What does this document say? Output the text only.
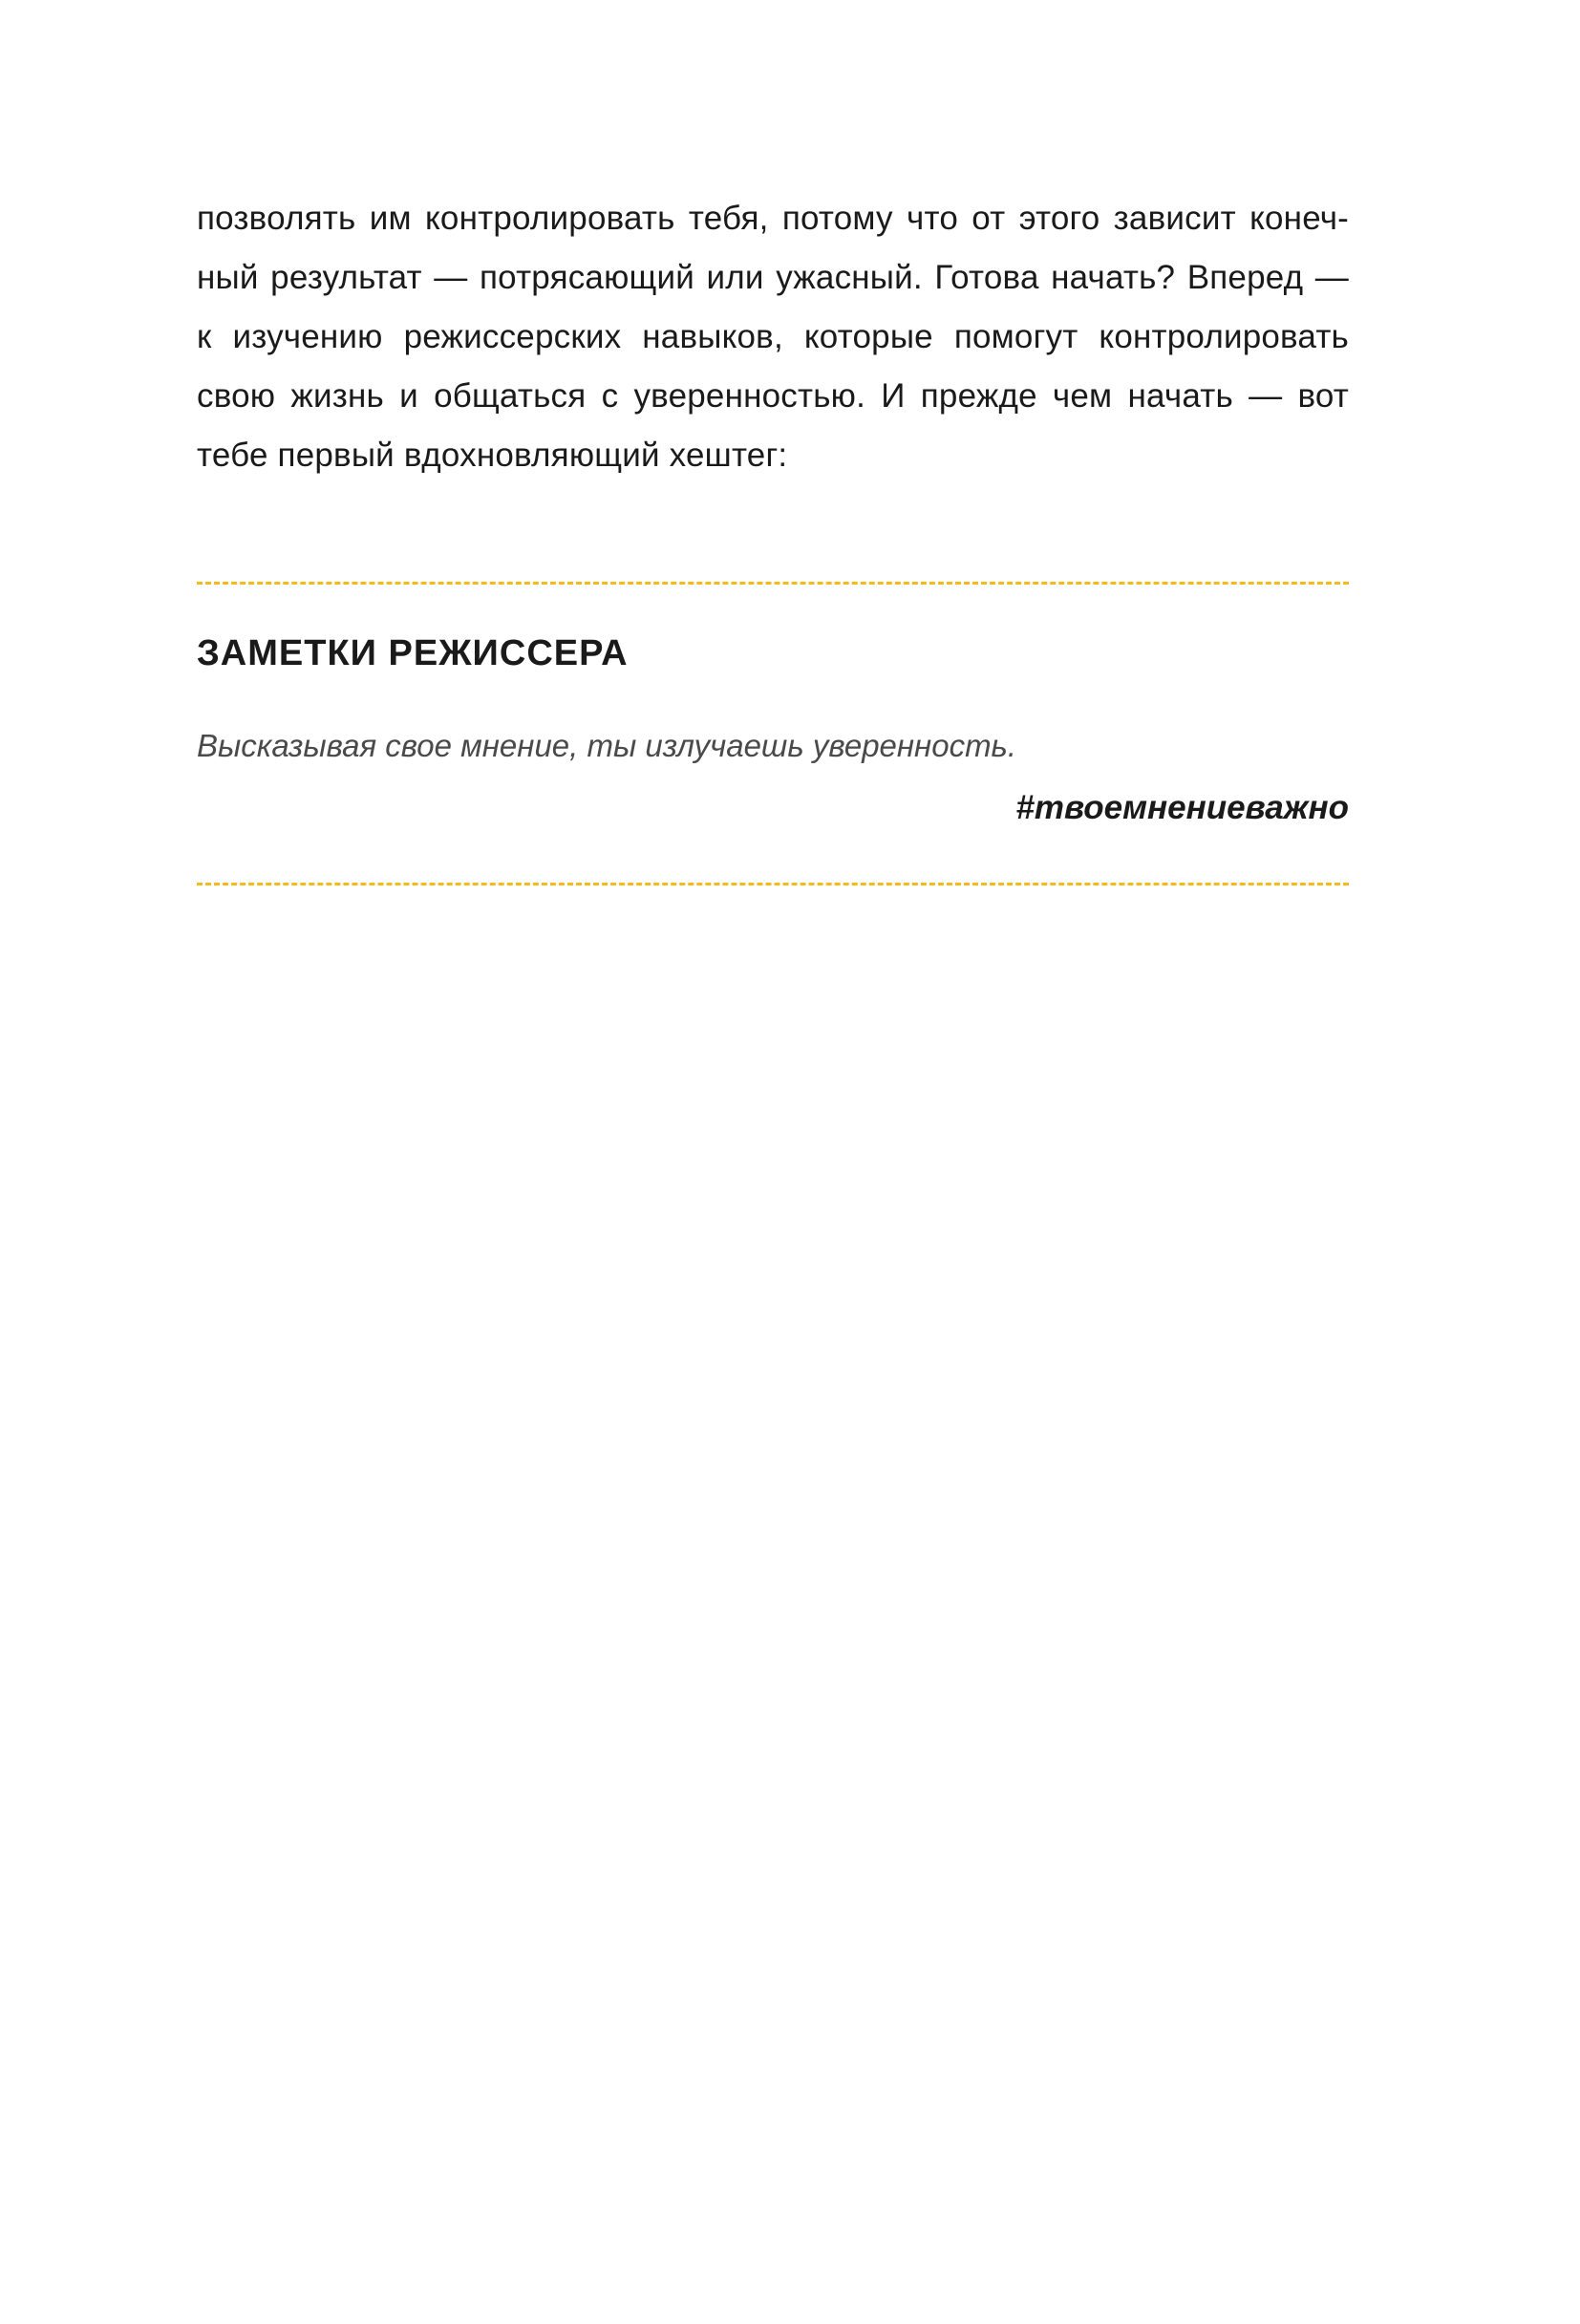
позволять им контролировать тебя, потому что от этого зависит конеч-
ный результат — потрясающий или ужасный. Готова начать? Вперед —
к изучению режиссерских навыков, которые помогут контролировать
свою жизнь и общаться с уверенностью. И прежде чем начать — вот
тебе первый вдохновляющий хештег:
ЗАМЕТКИ РЕЖИССЕРА
Высказывая свое мнение, ты излучаешь уверенность.
#твоемнениеважно
